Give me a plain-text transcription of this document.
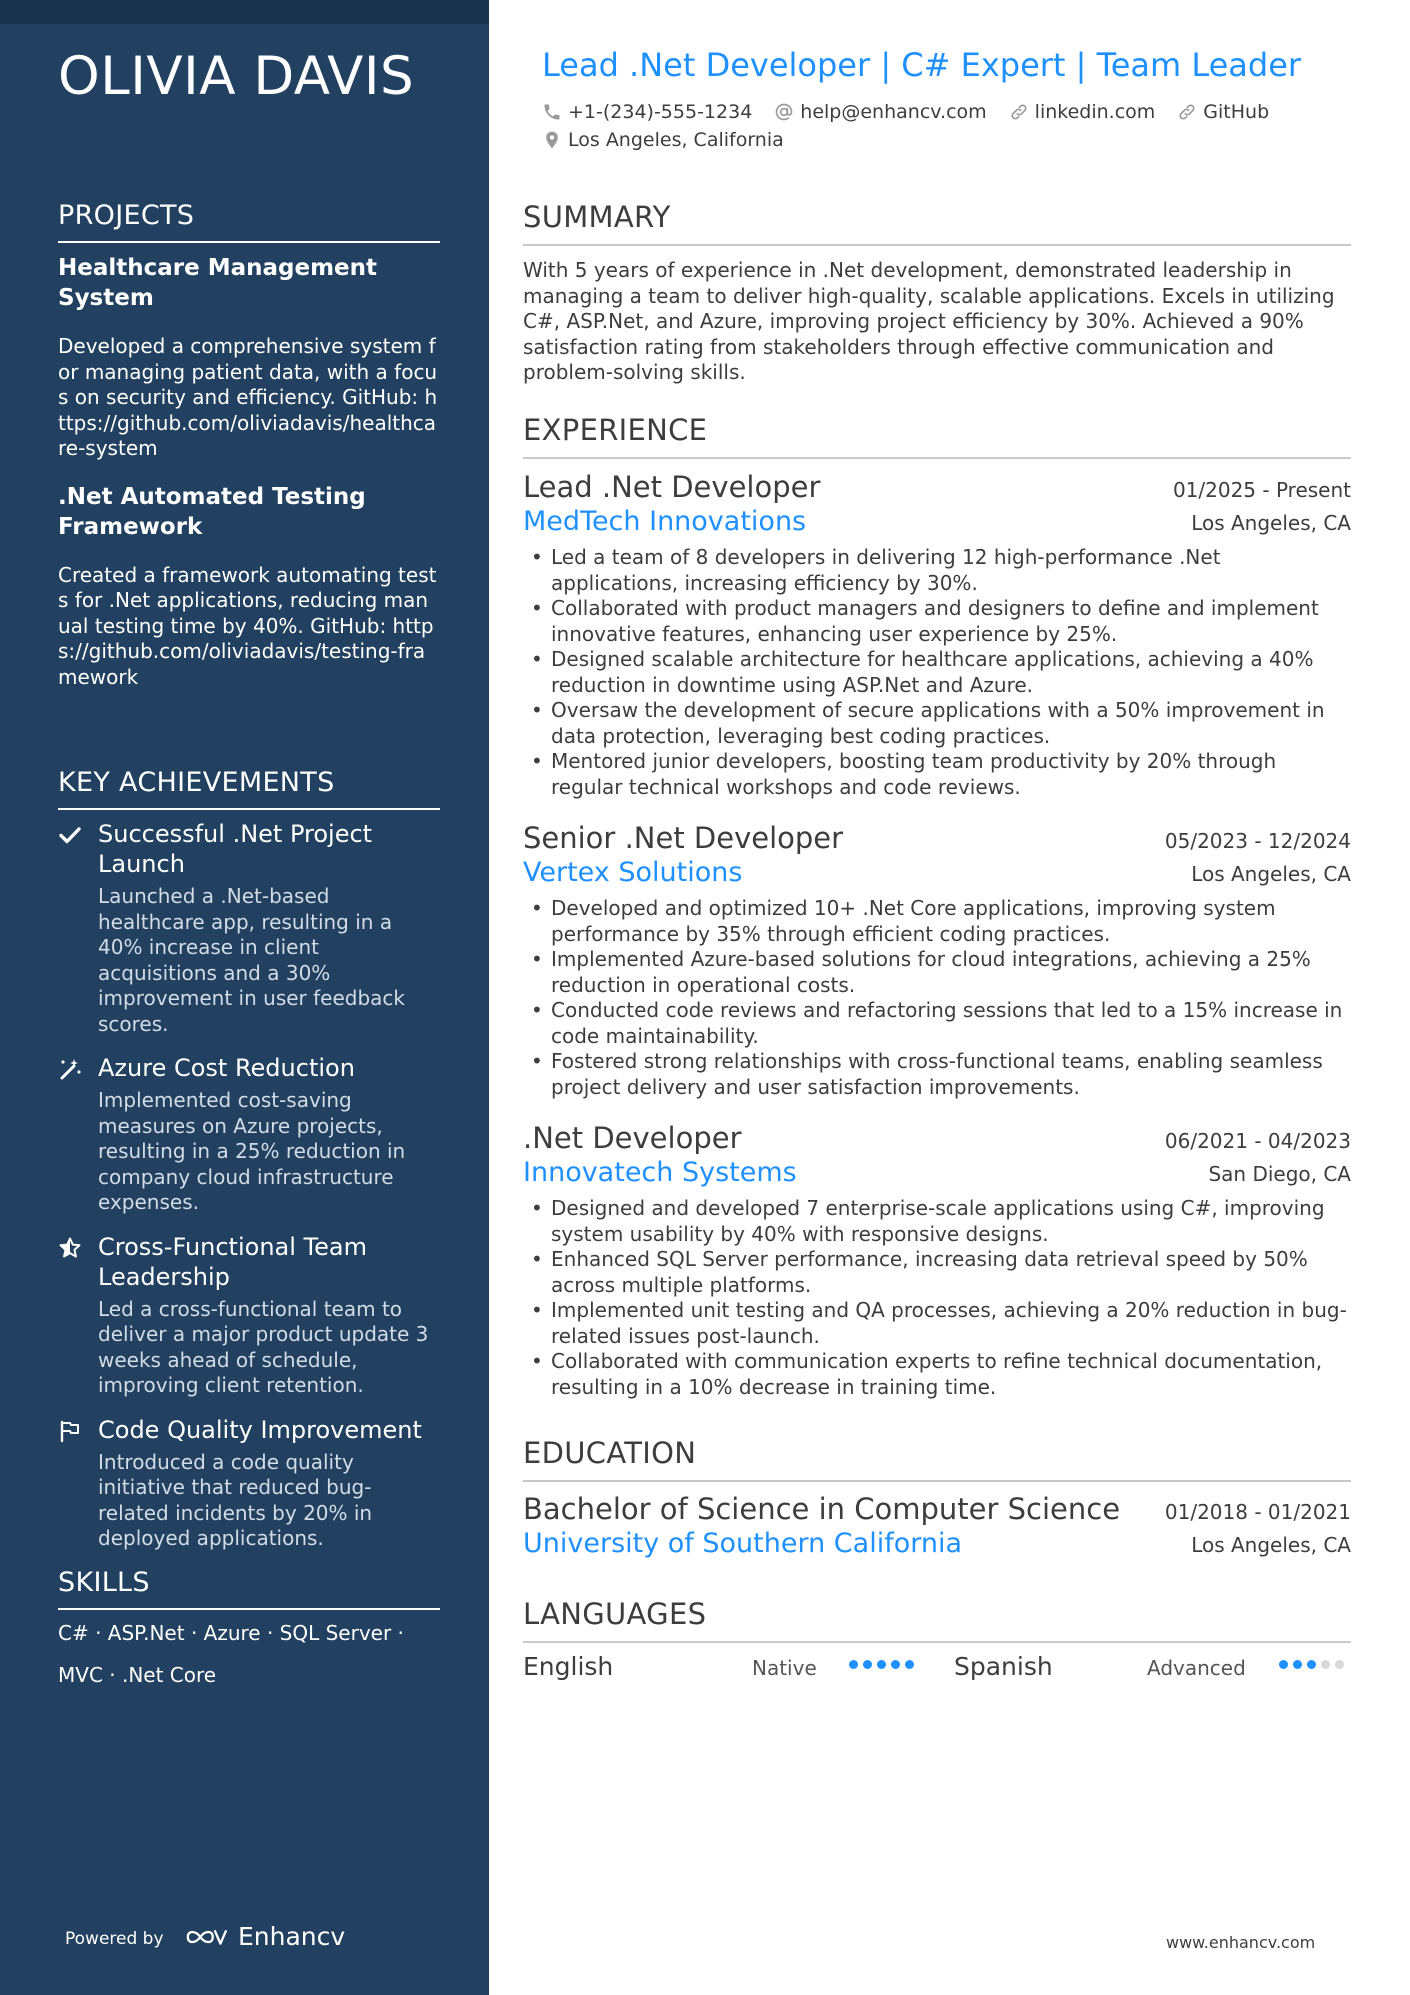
OLIVIA DAVIS
PROJECTS
Healthcare Management System
Developed a comprehensive system for managing patient data, with a focus on security and efficiency. GitHub: https://github.com/oliviadavis/healthcare-system
.Net Automated Testing Framework
Created a framework automating tests for .Net applications, reducing manual testing time by 40%. GitHub: https://github.com/oliviadavis/testing-framework
KEY ACHIEVEMENTS
Successful .Net Project Launch
Launched a .Net-based healthcare app, resulting in a 40% increase in client acquisitions and a 30% improvement in user feedback scores.
Azure Cost Reduction
Implemented cost-saving measures on Azure projects, resulting in a 25% reduction in company cloud infrastructure expenses.
Cross-Functional Team Leadership
Led a cross-functional team to deliver a major product update 3 weeks ahead of schedule, improving client retention.
Code Quality Improvement
Introduced a code quality initiative that reduced bug-related incidents by 20% in deployed applications.
SKILLS
C# · ASP.Net · Azure · SQL Server ·
MVC · .Net Core
Powered by	Enhancv
Lead .Net Developer | C# Expert | Team Leader
+1-(234)-555-1234	help@enhancv.com	linkedin.com	GitHub
Los Angeles, California
SUMMARY
With 5 years of experience in .Net development, demonstrated leadership in managing a team to deliver high-quality, scalable applications. Excels in utilizing C#, ASP.Net, and Azure, improving project efficiency by 30%. Achieved a 90% satisfaction rating from stakeholders through effective communication and problem-solving skills.
EXPERIENCE
Lead .Net Developer	01/2025 - Present
MedTech Innovations	Los Angeles, CA
• Led a team of 8 developers in delivering 12 high-performance .Net applications, increasing efficiency by 30%.
• Collaborated with product managers and designers to define and implement innovative features, enhancing user experience by 25%.
• Designed scalable architecture for healthcare applications, achieving a 40% reduction in downtime using ASP.Net and Azure.
• Oversaw the development of secure applications with a 50% improvement in data protection, leveraging best coding practices.
• Mentored junior developers, boosting team productivity by 20% through regular technical workshops and code reviews.
Senior .Net Developer	05/2023 - 12/2024
Vertex Solutions	Los Angeles, CA
• Developed and optimized 10+ .Net Core applications, improving system performance by 35% through efficient coding practices.
• Implemented Azure-based solutions for cloud integrations, achieving a 25% reduction in operational costs.
• Conducted code reviews and refactoring sessions that led to a 15% increase in code maintainability.
• Fostered strong relationships with cross-functional teams, enabling seamless project delivery and user satisfaction improvements.
.Net Developer	06/2021 - 04/2023
Innovatech Systems	San Diego, CA
• Designed and developed 7 enterprise-scale applications using C#, improving system usability by 40% with responsive designs.
• Enhanced SQL Server performance, increasing data retrieval speed by 50% across multiple platforms.
• Implemented unit testing and QA processes, achieving a 20% reduction in bug-related issues post-launch.
• Collaborated with communication experts to refine technical documentation, resulting in a 10% decrease in training time.
EDUCATION
Bachelor of Science in Computer Science 01/2018 - 01/2021
University of Southern California	Los Angeles, CA
LANGUAGES
English	Native	Spanish	Advanced
www.enhancv.com
